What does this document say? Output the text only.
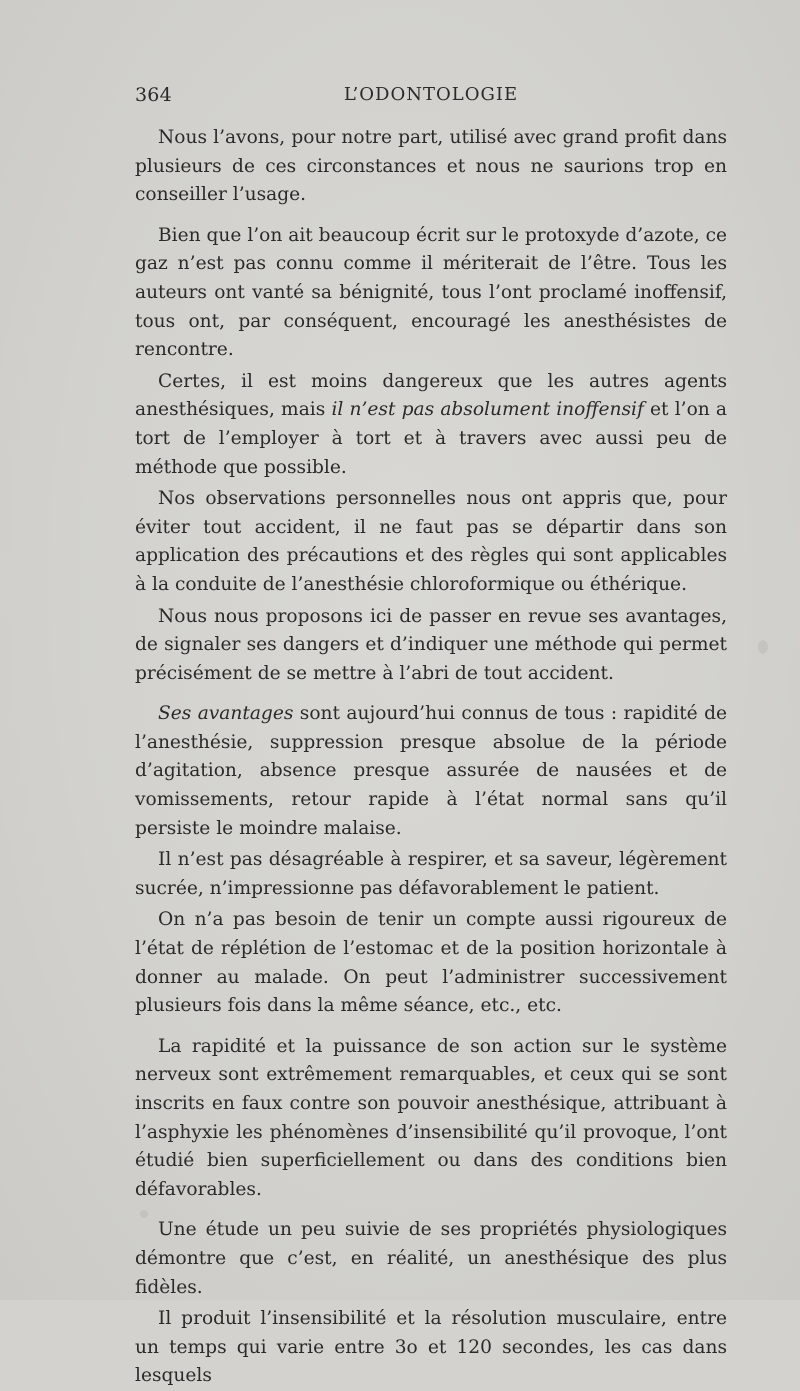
364	L’ODONTOLOGIE

Nous l’avons, pour notre part, utilisé avec grand profit dans plusieurs de ces circonstances et nous ne saurions trop en conseiller l’usage.

Bien que l’on ait beaucoup écrit sur le protoxyde d’azote, ce gaz n’est pas connu comme il mériterait de l’être. Tous les auteurs ont vanté sa bénignité, tous l’ont proclamé inoffensif, tous ont, par conséquent, encouragé les anesthésistes de rencontre.

Certes, il est moins dangereux que les autres agents anesthésiques, mais il n’est pas absolument inoffensif et l’on a tort de l’employer à tort et à travers avec aussi peu de méthode que possible.

Nos observations personnelles nous ont appris que, pour éviter tout accident, il ne faut pas se départir dans son application des précautions et des règles qui sont applicables à la conduite de l’anesthésie chloroformique ou éthérique.

Nous nous proposons ici de passer en revue ses avantages, de signaler ses dangers et d’indiquer une méthode qui permet précisément de se mettre à l’abri de tout accident.

Ses avantages sont aujourd’hui connus de tous : rapidité de l’anesthésie, suppression presque absolue de la période d’agitation, absence presque assurée de nausées et de vomissements, retour rapide à l’état normal sans qu’il persiste le moindre malaise.

Il n’est pas désagréable à respirer, et sa saveur, légèrement sucrée, n’impressionne pas défavorablement le patient.

On n’a pas besoin de tenir un compte aussi rigoureux de l’état de réplétion de l’estomac et de la position horizontale à donner au malade. On peut l’administrer successivement plusieurs fois dans la même séance, etc., etc.

La rapidité et la puissance de son action sur le système nerveux sont extrêmement remarquables, et ceux qui se sont inscrits en faux contre son pouvoir anesthésique, attribuant à l’asphyxie les phénomènes d’insensibilité qu’il provoque, l’ont étudié bien superficiellement ou dans des conditions bien défavorables.

Une étude un peu suivie de ses propriétés physiologiques démontre que c’est, en réalité, un anesthésique des plus fidèles.

Il produit l’insensibilité et la résolution musculaire, entre un temps qui varie entre 3o et 120 secondes, les cas dans lesquels
